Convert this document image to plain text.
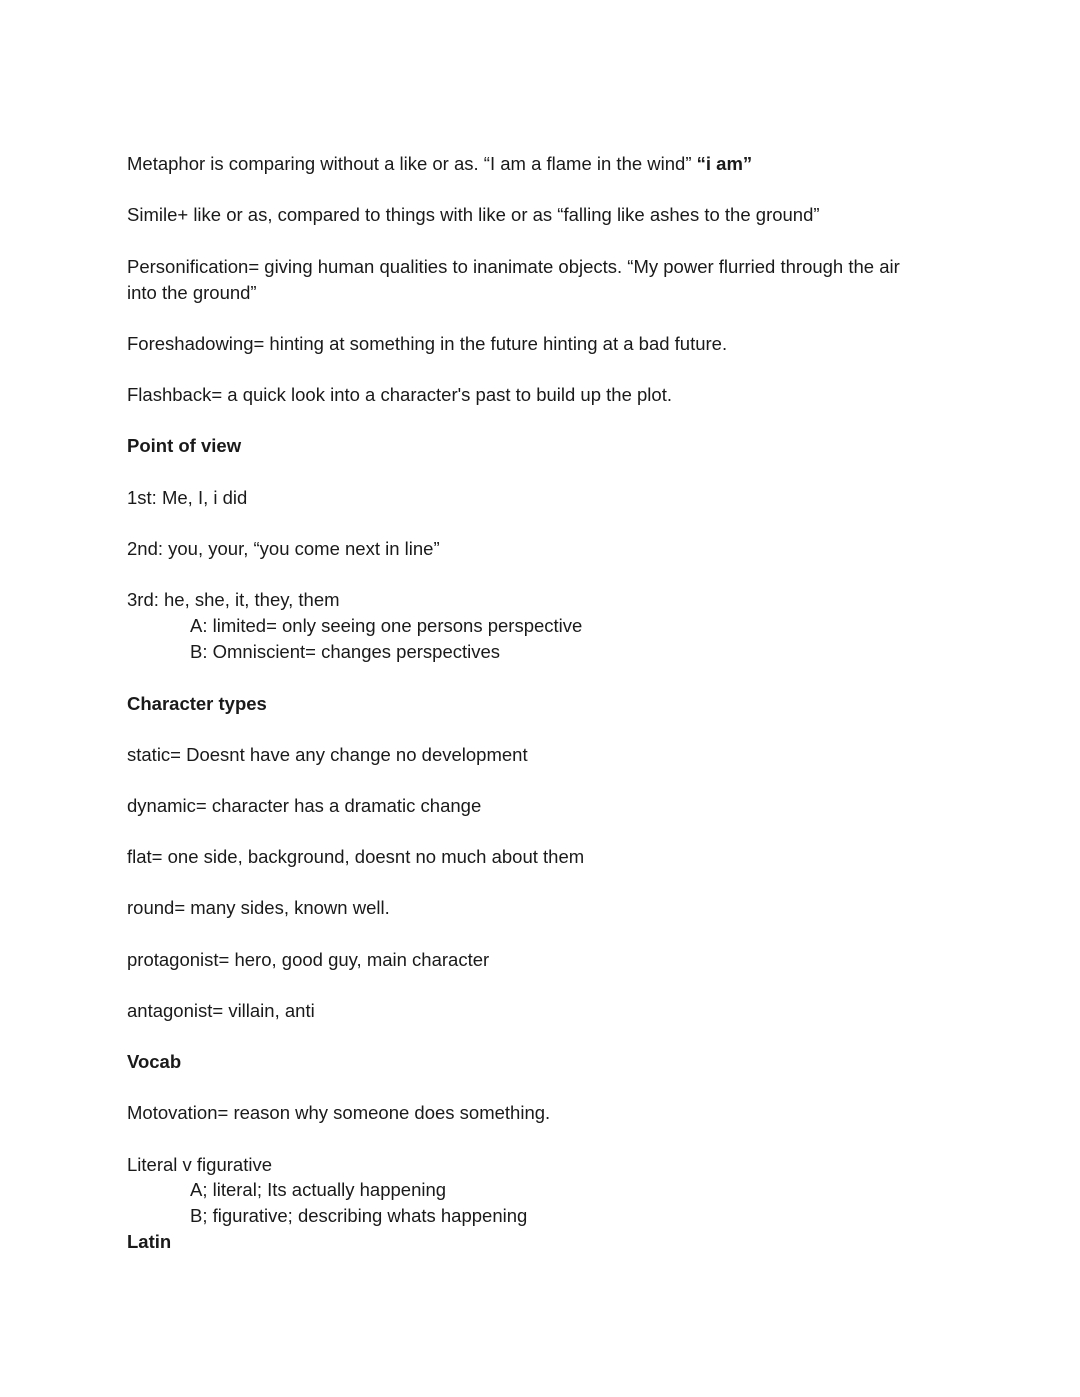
Metaphor is comparing without a like or as. “I am a flame in the wind” “i am”
Simile+ like or as, compared to things with like or as “falling like ashes to the ground”
Personification= giving human qualities to inanimate objects. “My power flurried through the air
into the ground”
Foreshadowing= hinting at something in the future hinting at a bad future.
Flashback= a quick look into a character's past to build up the plot.
Point of view
1st: Me, I, i did
2nd: you, your, “you come next in line”
3rd: he, she, it, they, them
A: limited= only seeing one persons perspective
B: Omniscient= changes perspectives
Character types
static= Doesnt have any change no development
dynamic= character has a dramatic change
flat= one side, background, doesnt no much about them
round= many sides, known well.
protagonist= hero, good guy, main character
antagonist= villain, anti
Vocab
Motovation= reason why someone does something.
Literal v figurative
A; literal; Its actually happening
B; figurative; describing whats happening
Latin
